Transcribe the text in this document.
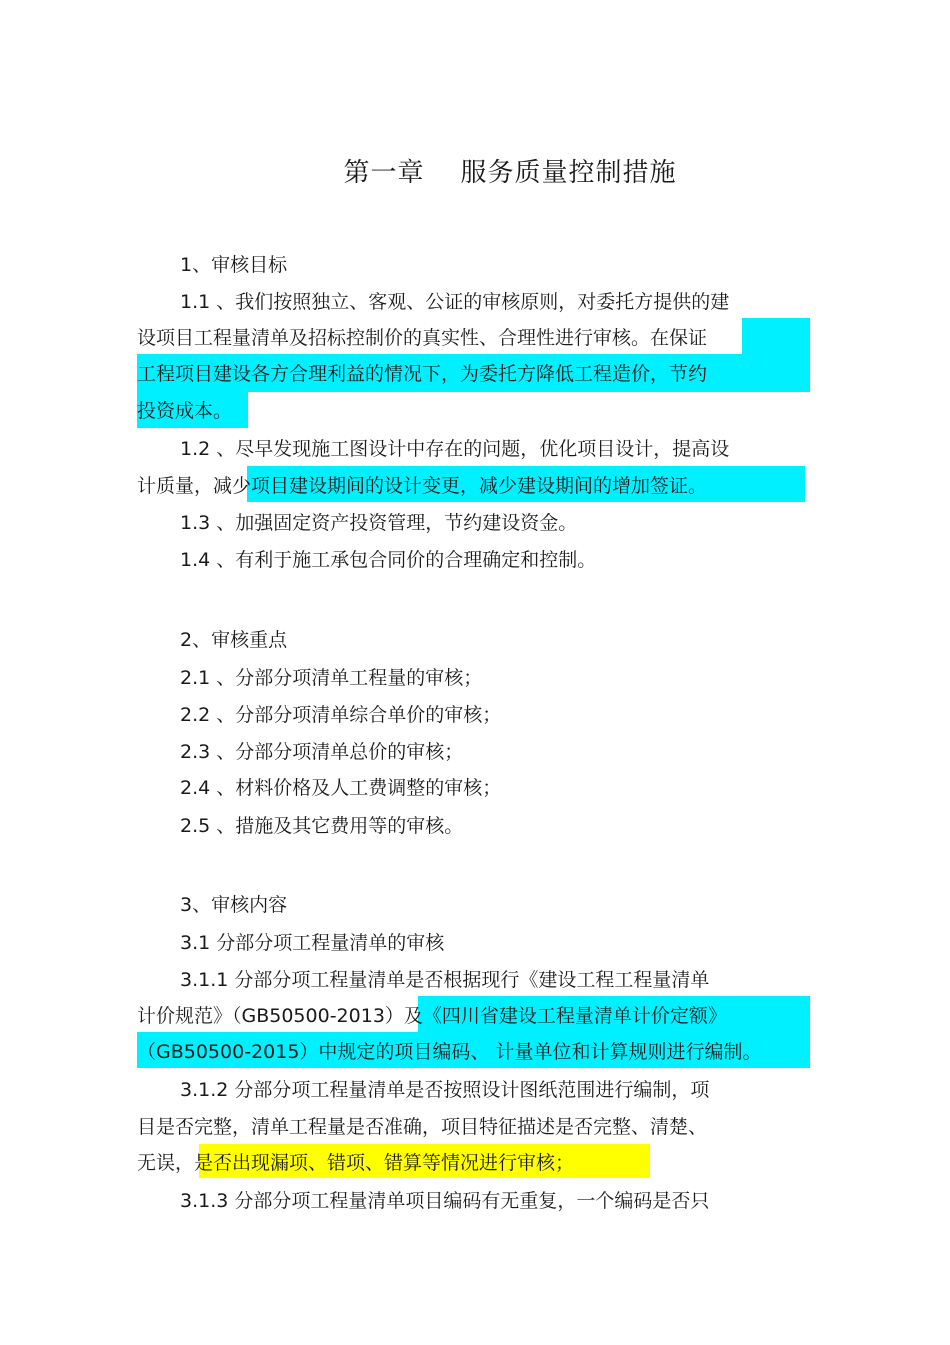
第一章 服务质量控制措施
1、审核目标
1.1 、我们按照独立、客观、公证的审核原则，对委托方提供的建
设项目工程量清单及招标控制价的真实性、合理性进行审核。在保证
工程项目建设各方合理利益的情况下，为委托方降低工程造价，节约
投资成本。
1.2 、尽早发现施工图设计中存在的问题，优化项目设计，提高设
计质量，减少项目建设期间的设计变更，减少建设期间的增加签证。
1.3 、加强固定资产投资管理，节约建设资金。
1.4 、有利于施工承包合同价的合理确定和控制。
2、审核重点
2.1 、分部分项清单工程量的审核；
2.2 、分部分项清单综合单价的审核；
2.3 、分部分项清单总价的审核；
2.4 、材料价格及人工费调整的审核；
2.5 、措施及其它费用等的审核。
3、审核内容
3.1 分部分项工程量清单的审核
3.1.1 分部分项工程量清单是否根据现行《建设工程工程量清单
计价规范》（GB50500-2013）及《四川省建设工程量清单计价定额》
（GB50500-2015）中规定的项目编码、 计量单位和计算规则进行编制。
3.1.2 分部分项工程量清单是否按照设计图纸范围进行编制，项
目是否完整，清单工程量是否准确，项目特征描述是否完整、清楚、
无误，是否出现漏项、错项、错算等情况进行审核；
3.1.3 分部分项工程量清单项目编码有无重复，一个编码是否只
